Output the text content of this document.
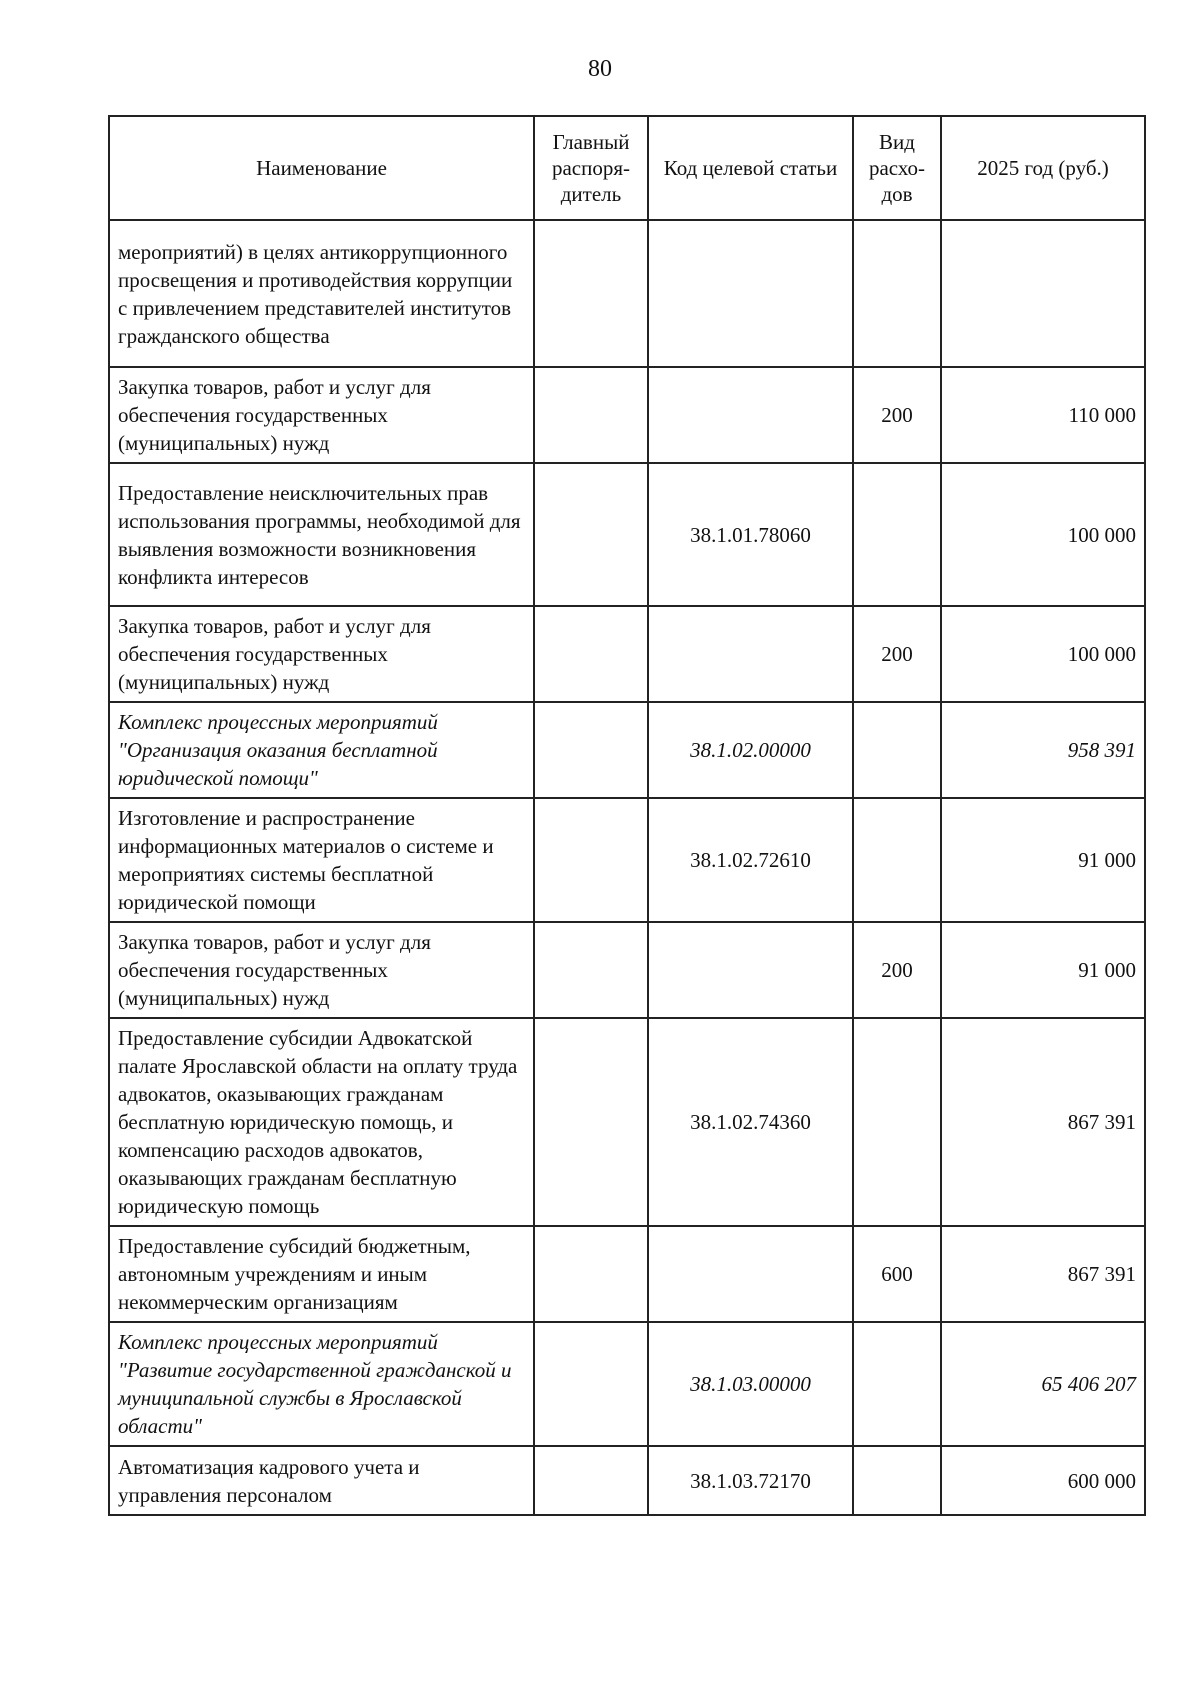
80
Наименование	Главный распоря-дитель	Код целевой статьи	Вид расхо-дов	2025 год (руб.)
мероприятий) в целях антикоррупционного просвещения и противодействия коррупции с привлечением представителей институтов гражданского общества				
Закупка товаров, работ и услуг для обеспечения государственных (муниципальных) нужд			200	110 000
Предоставление неисключительных прав использования программы, необходимой для выявления возможности возникновения конфликта интересов		38.1.01.78060		100 000
Закупка товаров, работ и услуг для обеспечения государственных (муниципальных) нужд			200	100 000
Комплекс процессных мероприятий "Организация оказания бесплатной юридической помощи"		38.1.02.00000		958 391
Изготовление и распространение информационных материалов о системе и мероприятиях системы бесплатной юридической помощи		38.1.02.72610		91 000
Закупка товаров, работ и услуг для обеспечения государственных (муниципальных) нужд			200	91 000
Предоставление субсидии Адвокатской палате Ярославской области на оплату труда адвокатов, оказывающих гражданам бесплатную юридическую помощь, и компенсацию расходов адвокатов, оказывающих гражданам бесплатную юридическую помощь		38.1.02.74360		867 391
Предоставление субсидий бюджетным, автономным учреждениям и иным некоммерческим организациям			600	867 391
Комплекс процессных мероприятий "Развитие государственной гражданской и муниципальной службы в Ярославской области"		38.1.03.00000		65 406 207
Автоматизация кадрового учета и управления персоналом		38.1.03.72170		600 000
